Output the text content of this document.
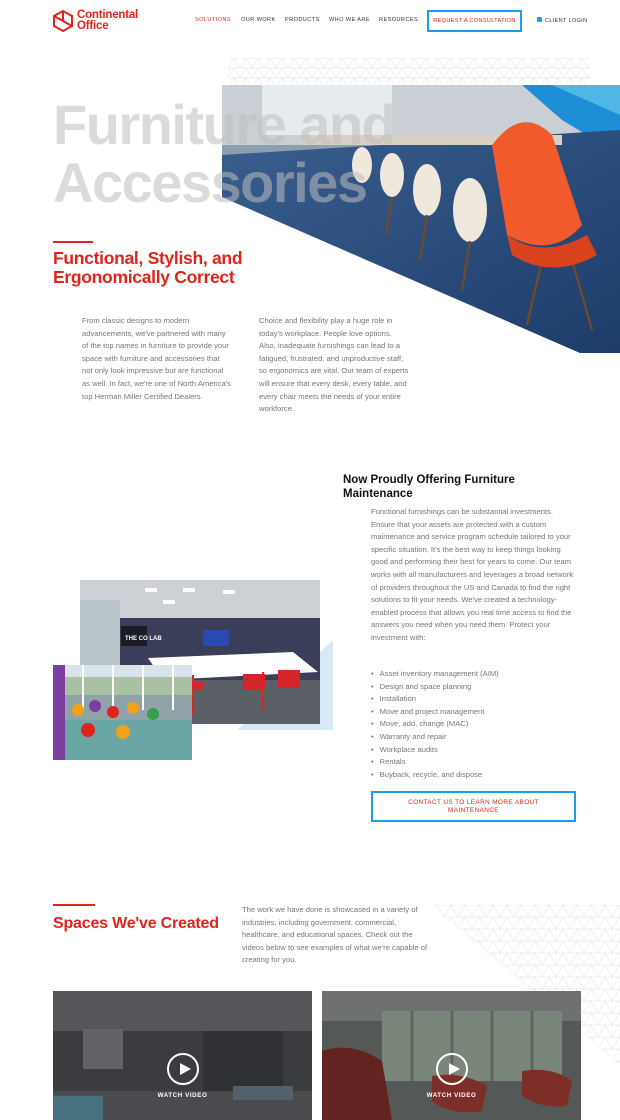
Continental
Office	SOLUTIONS OUR WORK PRODUCTS WHO WE ARE RESOURCES	REQUEST A CONSULTATION	CLIENT LOGIN
Furniture and
Accessories
Functional, Stylish, and Ergonomically Correct
From classic designs to modern advancements, we've partnered with many of the top names in furniture to provide your space with furniture and accessories that not only look impressive but are functional as well. In fact, we're one of North America's top Herman Miller Certified Dealers.
Choice and flexibility play a huge role in today's workplace. People love options. Also, inadequate furnishings can lead to a fatigued, frustrated, and unproductive staff, so ergonomics are vital. Our team of experts will ensure that every desk, every table, and every chair meets the needs of your entire workforce.
Now Proudly Offering Furniture Maintenance
Functional furnishings can be substantial investments. Ensure that your assets are protected with a custom maintenance and service program schedule tailored to your specific situation. It's the best way to keep things looking good and performing their best for years to come. Our team works with all manufacturers and leverages a broad network of providers throughout the US and Canada to find the right solutions to fit your needs. We've created a technology-enabled process that allows you real time access to find the answers you need when you need them. Protect your investment with:
• Asset inventory management (AIM)
• Design and space planning
• Installation
• Move and project management
• Move, add, change (MAC)
• Warranty and repair
• Workplace audits
• Rentals
• Buyback, recycle, and dispose
CONTACT US TO LEARN MORE ABOUT MAINTENANCE
THE CO LAB
Spaces We've Created
The work we have done is showcased in a variety of industries, including government, commercial, healthcare, and educational spaces. Check out the videos below to see examples of what we're capable of creating for you.
WATCH VIDEO	WATCH VIDEO
